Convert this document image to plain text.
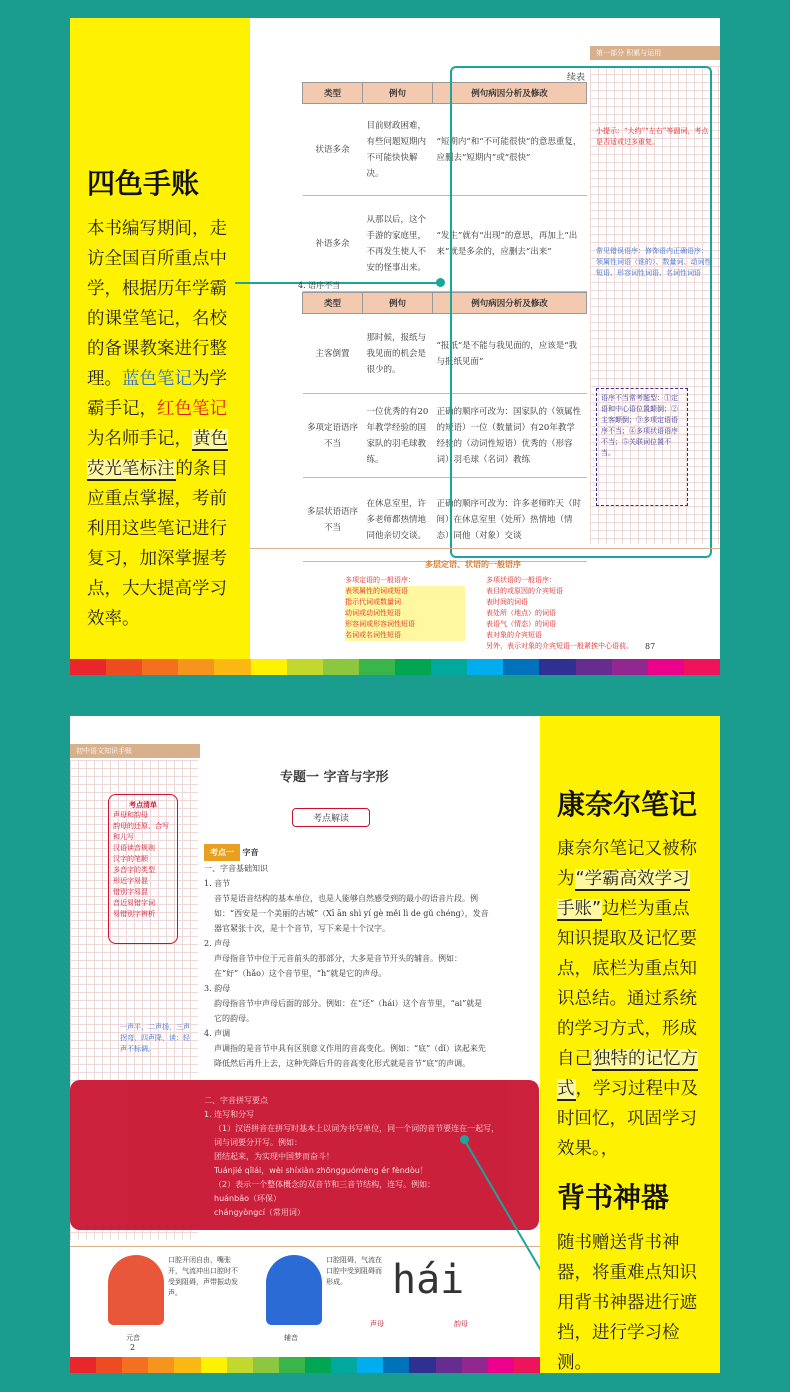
四色手账
本书编写期间，走访全国百所重点中学，根据历年学霸的课堂笔记，名校的备课教案进行整理。蓝色笔记为学霸手记，红色笔记为名师手记，黄色荧光笔标注的条目应重点掌握，考前利用这些笔记进行复习，加深掌握考点，大大提高学习效率。
第一部分 积累与运用
续表
类型	例句	例句病因分析及修改
状语多余	目前财政困难，有些问题短期内不可能快快解决。	“短期内”和“不可能很快”的意思重复，应删去“短期内”或“很快”
补语多余	从那以后，这个手游的家庭里，不再发生使人不安的怪事出来。	“发生”就有“出现”的意思，再加上“出来”就是多余的，应删去“出来”
4. 语序不当
类型	例句	例句病因分析及修改
主客倒置	那时候，报纸与我见面的机会是很少的。	“报纸”是不能与我见面的，应该是“我与报纸见面”
多项定语语序不当	一位优秀的有20年教学经验的国家队的羽毛球教练。	正确的顺序可改为：国家队的（领属性的短语）一位（数量词）有20年教学经验的（动词性短语）优秀的（形容词）羽毛球（名词）教练
多层状语语序不当	在休息室里，许多老师都热情地同他亲切交谈。	正确的顺序可改为：许多老师昨天（时间）在休息室里（处所）热情地（情态）同他（对象）交谈
小提示：“大约”“左右”等副词，考点是否适或过多重复。
常见错误语序：修饰语内正确语序：领属性词语（谁的）、数量词、动词性短语、形容词性词语、名词性词语
语序不当常考题型：①定语和中心语位置颠倒；②主客颠倒；③多项定语语序不当；④多项状语语序不当；⑤关联词位置不当。
多层定语、状语的一般语序
多项定语的一般语序：
表领属性的词或短语
指示代词或数量词
动词或动词性短语
形容词或形容词性短语
名词或名词性短语
多项状语的一般语序：
表目的或原因的介宾短语
表时间的词语
表处所（地点）的词语
表语气（情态）的词语
表对象的介宾短语
另外，表示对象的介宾短语一般紧挨中心语前。	87
初中语文知识手账
考点清单
声母和韵母
韵母的还原、合写和儿写
汉语读音规则
汉字的笔顺
多音字的类型
形近字易混
错别字易混
音近易错字词
易错别字辨析
一声平，二声扬，三声拐弯，四声降，读：轻声不标调。
专题一 字音与字形
考点解读
考点一 字音
一、字音基础知识
1. 音节
音节是语音结构的基本单位，也是人能够自然感受到的最小的语音片段。例如：“西安是一个美丽的古城”（Xī ān shì yí gè měi lì de gǔ chéng），发音器官紧张十次，是十个音节，写下来是十个汉字。
2. 声母
声母指音节中位于元音前头的那部分，大多是音节开头的辅音。例如：在“好”（hǎo）这个音节里，“h”就是它的声母。
3. 韵母
韵母指音节中声母后面的部分。例如：在“还”（hái）这个音节里，“ai”就是它的韵母。
4. 声调
声调指的是音节中具有区别意义作用的音高变化。例如：“底”（dǐ）读起来先降低然后再升上去，这种先降后升的音高变化形式就是音节“底”的声调。
口腔开闭自由，嘴张开，气流冲出口腔时不受到阻碍，声带振动发声。
元音
口腔阻碍，气流在口腔中受到阻碍而形成。
辅音
hái
声母	韵母
2
二、字音拼写要点
1. 连写和分写
（1）汉语拼音在拼写时基本上以词为书写单位，同一个词的音节要连在一起写，词与词要分开写。例如：
团结起来，为实现中国梦而奋斗！
Tuánjié qǐlái，wèi shíxiàn zhōngguómèng ér fèndòu！
（2）表示一个整体概念的双音节和三音节结构，连写。例如：
huánbǎo（环保）
chángyòngcí（常用词）
康奈尔笔记
康奈尔笔记又被称为“学霸高效学习手账”边栏为重点知识提取及记忆要点，底栏为重点知识总结。通过系统的学习方式，形成自己独特的记忆方式，学习过程中及时回忆，巩固学习效果。，
背书神器
随书赠送背书神器，将重难点知识用背书神器进行遮挡，进行学习检测。
